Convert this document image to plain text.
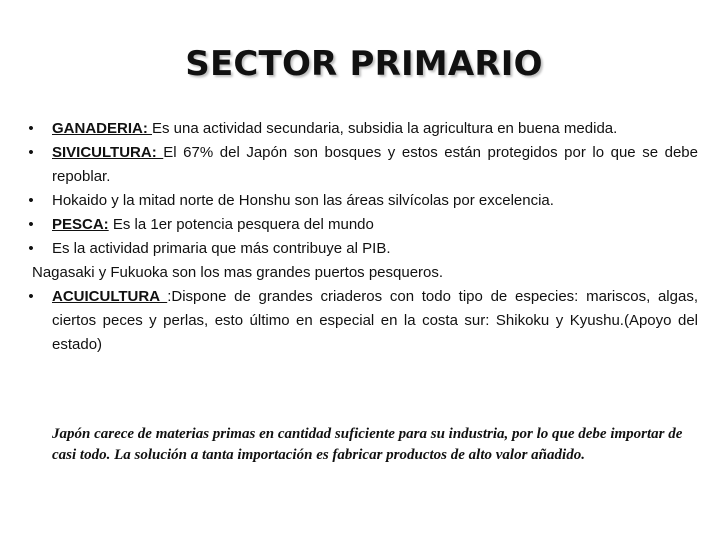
SECTOR PRIMARIO

• GANADERIA: Es una actividad secundaria, subsidia la agricultura en buena medida.

• SIVICULTURA: El 67% del Japón son bosques y estos están protegidos por lo que se debe repoblar.

• Hokaido y la mitad norte de Honshu son las áreas silvícolas por excelencia.

• PESCA: Es la 1er potencia pesquera del mundo

• Es la actividad primaria que más contribuye al PIB.

Nagasaki y Fukuoka son los mas grandes puertos pesqueros.

• ACUICULTURA :Dispone de grandes criaderos con todo tipo de especies: mariscos, algas, ciertos peces y perlas, esto último en especial en la costa sur: Shikoku y Kyushu.(Apoyo del estado)

Japón carece de materias primas en cantidad suficiente para su industria, por lo que debe importar de casi todo. La solución a tanta importación es fabricar productos de alto valor añadido.
